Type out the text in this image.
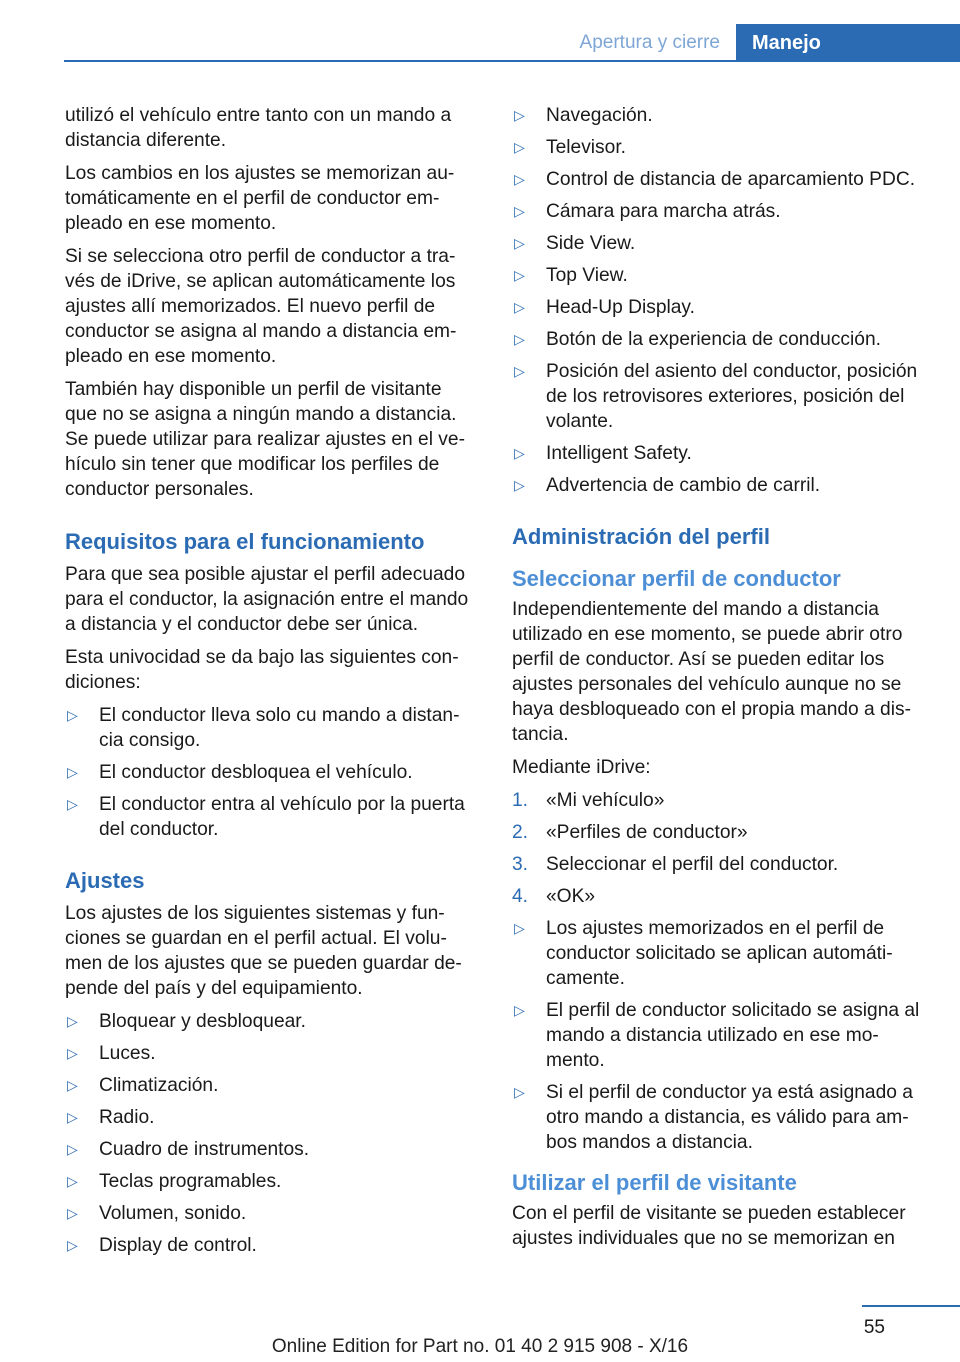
Apertura y cierre	Manejo

utilizó el vehículo entre tanto con un mando a distancia diferente.

Los cambios en los ajustes se memorizan automáticamente en el perfil de conductor empleado en ese momento.

Si se selecciona otro perfil de conductor a través de iDrive, se aplican automáticamente los ajustes allí memorizados. El nuevo perfil de conductor se asigna al mando a distancia empleado en ese momento.

También hay disponible un perfil de visitante que no se asigna a ningún mando a distancia. Se puede utilizar para realizar ajustes en el vehículo sin tener que modificar los perfiles de conductor personales.

Requisitos para el funcionamiento

Para que sea posible ajustar el perfil adecuado para el conductor, la asignación entre el mando a distancia y el conductor debe ser única.

Esta univocidad se da bajo las siguientes condiciones:

▷	El conductor lleva solo cu mando a distancia consigo.
▷	El conductor desbloquea el vehículo.
▷	El conductor entra al vehículo por la puerta del conductor.
Ajustes

Los ajustes de los siguientes sistemas y funciones se guardan en el perfil actual. El volumen de los ajustes que se pueden guardar depende del país y del equipamiento.

▷	Bloquear y desbloquear.
▷	Luces.
▷	Climatización.
▷	Radio.
▷	Cuadro de instrumentos.
▷	Teclas programables.
▷	Volumen, sonido.
▷	Display de control.
▷	Navegación.
▷	Televisor.
▷	Control de distancia de aparcamiento PDC.
▷	Cámara para marcha atrás.
▷	Side View.
▷	Top View.
▷	Head-Up Display.
▷	Botón de la experiencia de conducción.
▷	Posición del asiento del conductor, posición de los retrovisores exteriores, posición del volante.
▷	Intelligent Safety.
▷	Advertencia de cambio de carril.
Administración del perfil
Seleccionar perfil de conductor

Independientemente del mando a distancia utilizado en ese momento, se puede abrir otro perfil de conductor. Así se pueden editar los ajustes personales del vehículo aunque no se haya desbloqueado con el propia mando a distancia.

Mediante iDrive:

1. «Mi vehículo»
2. «Perfiles de conductor»
3. Seleccionar el perfil del conductor.
4. «OK»
▷	Los ajustes memorizados en el perfil de conductor solicitado se aplican automáticamente.
▷	El perfil de conductor solicitado se asigna al mando a distancia utilizado en ese momento.
▷	Si el perfil de conductor ya está asignado a otro mando a distancia, es válido para ambos mandos a distancia.
Utilizar el perfil de visitante

Con el perfil de visitante se pueden establecer ajustes individuales que no se memorizan en

55
Online Edition for Part no. 01 40 2 915 908 - X/16
